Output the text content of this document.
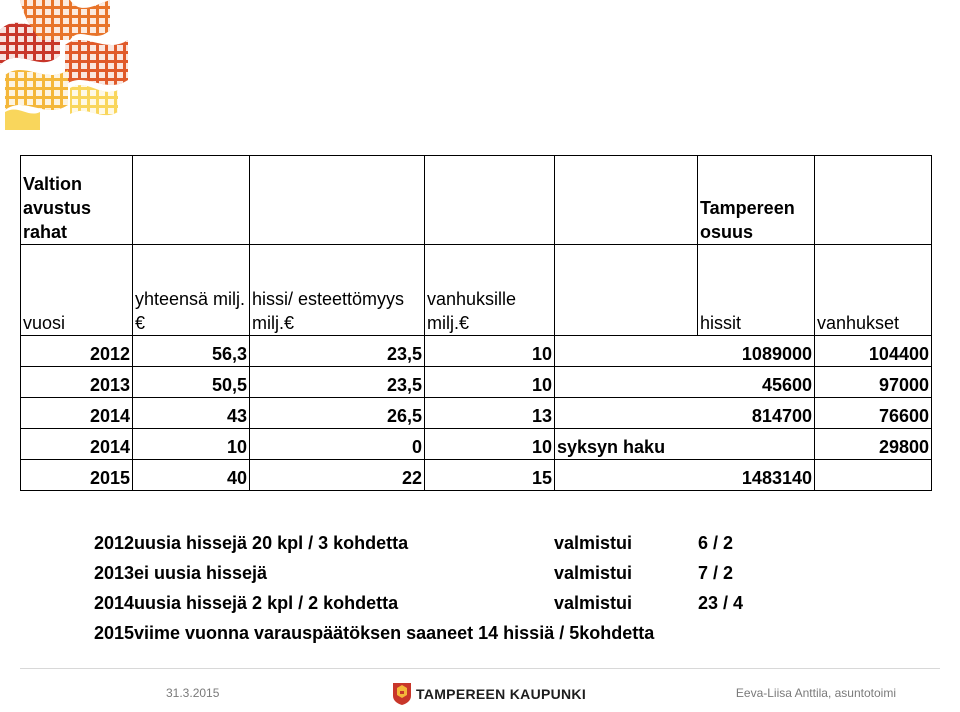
Valtion avustus rahat					Tampereen osuus	
vuosi	yhteensä milj.€	hissi/ esteettömyys milj.€	vanhuksille milj.€		hissit	vanhukset
2012	56,3	23,5	10		1089000	104400
2013	50,5	23,5	10		45600	97000
2014	43	26,5	13		814700	76600
2014	10	0	10	syksyn haku		29800
2015	40	22	15		1483140	
2012	uusia hissejä 20 kpl / 3 kohdetta	valmistui	6 / 2
2013	ei uusia hissejä	valmistui	7 / 2
2014	uusia hissejä 2 kpl / 2 kohdetta	valmistui	23 / 4
2015	viime vuonna varauspäätöksen saaneet 14 hissiä / 5kohdetta		
31.3.2015	TAMPEREEN KAUPUNKI	Eeva-Liisa Anttila, asuntotoimi
